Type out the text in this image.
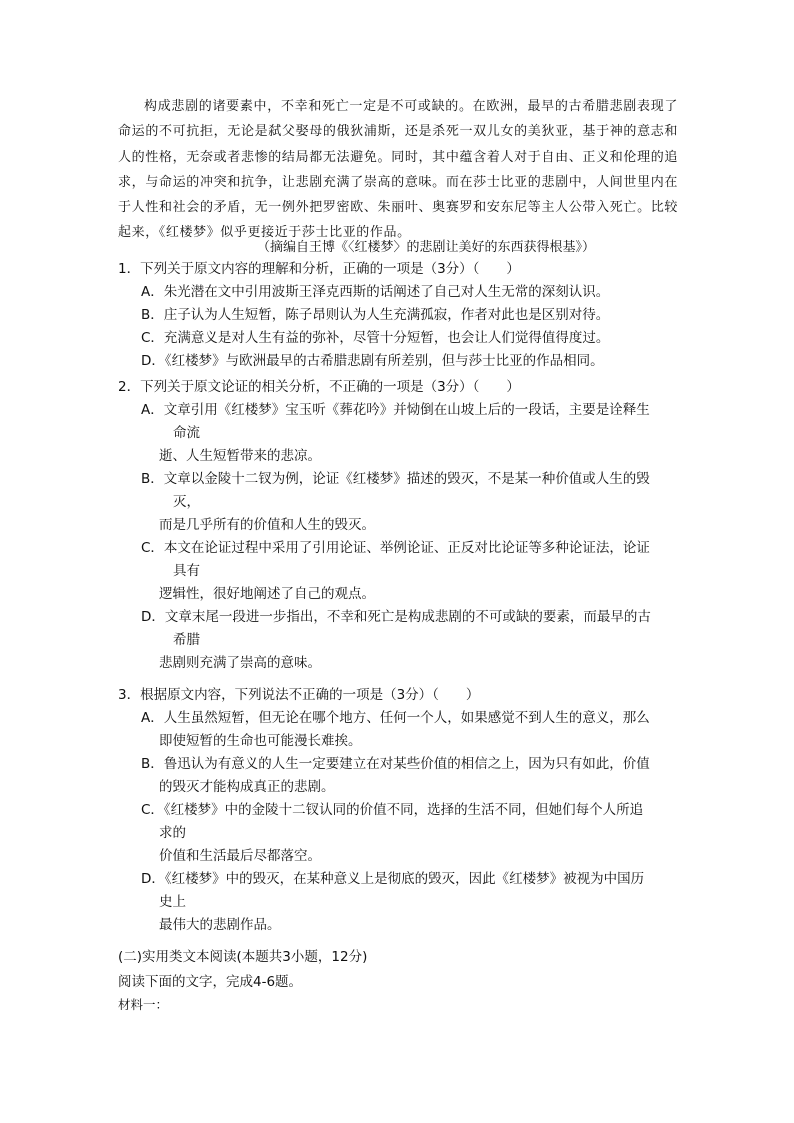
构成悲剧的诸要素中，不幸和死亡一定是不可或缺的。在欧洲，最早的古希腊悲剧表现了命运的不可抗拒，无论是弑父娶母的俄狄浦斯，还是杀死一双儿女的美狄亚，基于神的意志和人的性格，无奈或者悲惨的结局都无法避免。同时，其中蕴含着人对于自由、正义和伦理的追求，与命运的冲突和抗争，让悲剧充满了崇高的意味。而在莎士比亚的悲剧中，人间世里内在于人性和社会的矛盾，无一例外把罗密欧、朱丽叶、奥赛罗和安东尼等主人公带入死亡。比较起来，《红楼梦》似乎更接近于莎士比亚的作品。

（摘编自王博《〈红楼梦〉的悲剧让美好的东西获得根基》）

1．下列关于原文内容的理解和分析，正确的一项是（3分）（　　）
A．朱光潜在文中引用波斯王泽克西斯的话阐述了自己对人生无常的深刻认识。
B．庄子认为人生短暂，陈子昂则认为人生充满孤寂，作者对此也是区别对待。
C．充满意义是对人生有益的弥补，尽管十分短暂，也会让人们觉得值得度过。
D．《红楼梦》与欧洲最早的古希腊悲剧有所差别，但与莎士比亚的作品相同。
2．下列关于原文论证的相关分析，不正确的一项是（3分）（　　）
A．文章引用《红楼梦》宝玉听《葬花吟》并恸倒在山坡上后的一段话，主要是诠释生
命流
逝、人生短暂带来的悲凉。
B．文章以金陵十二钗为例，论证《红楼梦》描述的毁灭，不是某一种价值或人生的毁
灭，
而是几乎所有的价值和人生的毁灭。
C．本文在论证过程中采用了引用论证、举例论证、正反对比论证等多种论证法，论证
具有
逻辑性，很好地阐述了自己的观点。
D．文章末尾一段进一步指出，不幸和死亡是构成悲剧的不可或缺的要素，而最早的古
希腊
悲剧则充满了崇高的意味。
3．根据原文内容，下列说法不正确的一项是（3分）（　　）
A．人生虽然短暂，但无论在哪个地方、任何一个人，如果感觉不到人生的意义，那么
即使短暂的生命也可能漫长难挨。
B．鲁迅认为有意义的人生一定要建立在对某些价值的相信之上，因为只有如此，价值
的毁灭才能构成真正的悲剧。
C．《红楼梦》中的金陵十二钗认同的价值不同，选择的生活不同，但她们每个人所追
求的
价值和生活最后尽都落空。
D．《红楼梦》中的毁灭，在某种意义上是彻底的毁灭，因此《红楼梦》被视为中国历
史上
最伟大的悲剧作品。

(二)实用类文本阅读(本题共3小题，12分)

阅读下面的文字，完成4-6题。

材料一：
